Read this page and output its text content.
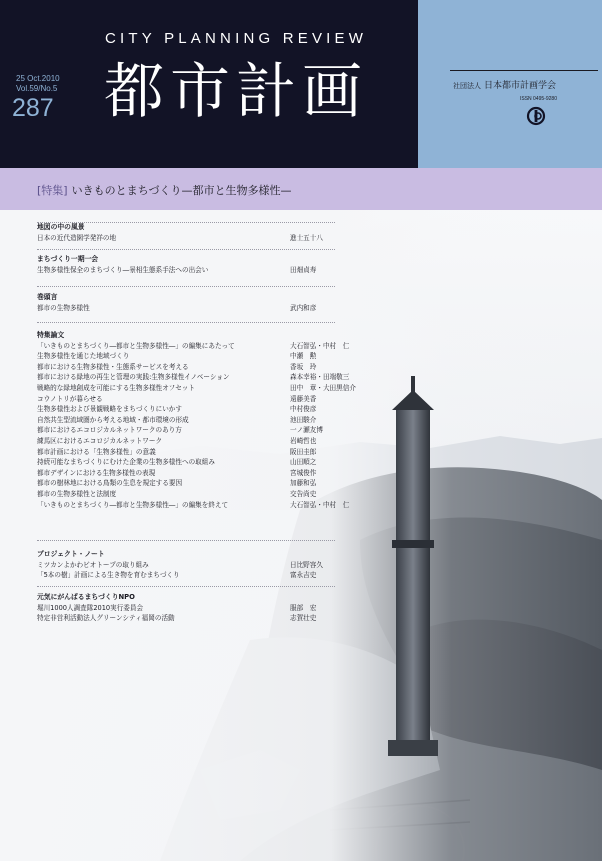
CITY PLANNING REVIEW
25 Oct.2010
Vol.59/No.5
287 都市計画	社団法人 日本都市計画学会
ISSN 0495-9280
[特集] いきものとまちづくり—都市と生物多様性—
地図の中の風景
日本の近代造園学発祥の地	進士五十八
まちづくり一期一会
生物多様性保全のまちづくり―景相生態系手法への出会い	田畑貞寿
巻頭言
都市の生物多様性	武内和彦
特集論文
「いきものとまちづくり―都市と生物多様性―」の編集にあたって	大石智弘・中村　仁
生物多様性を通じた地域づくり	中瀬　勲
都市における生物多様性・生態系サービスを考える	香坂　玲
都市における緑地の再生と管理の実践:生物多様性イノベーション	森本幸裕・田端敬三
戦略的な緑地創成を可能にする生物多様性オフセット	田中　章・大田黒信介
コウノトリが暮らせる	遠藤美香
生物多様性および景観戦略をまちづくりにいかす	中村俊彦
自然共生型流域圏から考える地域・都市環境の形成	池田駿介
都市におけるエコロジカルネットワークのあり方	一ノ瀬友博
練馬区におけるエコロジカルネットワーク	岩崎哲也
都市計画における「生物多様性」の意義	阪田圭郎
持続可能なまちづくりにむけた企業の生物多様性への取組み	山田順之
都市デザインにおける生物多様性の表現	宮城俊作
都市の樹林地における鳥類の生息を規定する要因	加藤和弘
都市の生物多様性と法制度	交告尚史
「いきものとまちづくり―都市と生物多様性―」の編集を終えて	大石智弘・中村　仁
プロジェクト・ノート
ミツカンよかわビオトープの取り組み	日比野容久
「5本の樹」計画による生き物を育むまちづくり	富永吉史
元気にがんばるまちづくりNPO
堀川1000人調査隊2010実行委員会	服部　宏
特定非営利活動法人グリーンシティ福岡の活動	志賀壮史
